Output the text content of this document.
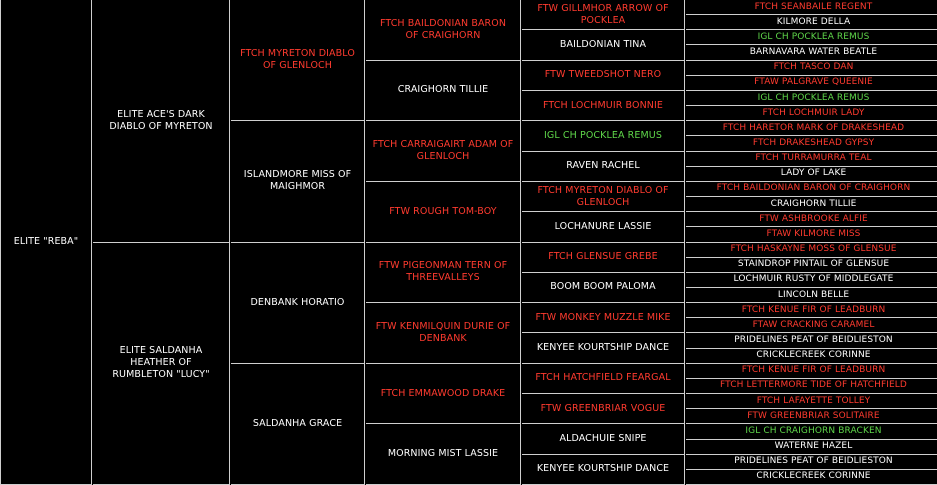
ELITE "REBA"
ELITE ACE'S DARK DIABLO OF MYRETON
ELITE SALDANHA HEATHER OF RUMBLETON "LUCY"
FTCH MYRETON DIABLO OF GLENLOCH
ISLANDMORE MISS OF MAIGHMOR
DENBANK HORATIO
SALDANHA GRACE
FTCH BAILDONIAN BARON OF CRAIGHORN
CRAIGHORN TILLIE
FTCH CARRAIGAIRT ADAM OF GLENLOCH
FTW ROUGH TOM-BOY
FTW PIGEONMAN TERN OF THREEVALLEYS
FTW KENMILQUIN DURIE OF DENBANK
FTCH EMMAWOOD DRAKE
MORNING MIST LASSIE
FTW GILLMHOR ARROW OF POCKLEA
BAILDONIAN TINA
FTW TWEEDSHOT NERO
FTCH LOCHMUIR BONNIE
IGL CH POCKLEA REMUS
RAVEN RACHEL
FTCH MYRETON DIABLO OF GLENLOCH
LOCHANURE LASSIE
FTCH GLENSUE GREBE
BOOM BOOM PALOMA
FTW MONKEY MUZZLE MIKE
KENYEE KOURTSHIP DANCE
FTCH HATCHFIELD FEARGAL
FTW GREENBRIAR VOGUE
ALDACHUIE SNIPE
KENYEE KOURTSHIP DANCE
FTCH SEANBAILE REGENT
KILMORE DELLA
IGL CH POCKLEA REMUS
BARNAVARA WATER BEATLE
FTCH TASCO DAN
FTAW PALGRAVE QUEENIE
IGL CH POCKLEA REMUS
FTCH LOCHMUIR LADY
FTCH HARETOR MARK OF DRAKESHEAD
FTCH DRAKESHEAD GYPSY
FTCH TURRAMURRA TEAL
LADY OF LAKE
FTCH BAILDONIAN BARON OF CRAIGHORN
CRAIGHORN TILLIE
FTW ASHBROOKE ALFIE
FTAW KILMORE MISS
FTCH HASKAYNE MOSS OF GLENSUE
STAINDROP PINTAIL OF GLENSUE
LOCHMUIR RUSTY OF MIDDLEGATE
LINCOLN BELLE
FTCH KENUE FIR OF LEADBURN
FTAW CRACKING CARAMEL
PRIDELINES PEAT OF BEIDLIESTON
CRICKLECREEK CORINNE
FTCH KENUE FIR OF LEADBURN
FTCH LETTERMORE TIDE OF HATCHFIELD
FTCH LAFAYETTE TOLLEY
FTW GREENBRIAR SOLITAIRE
IGL CH CRAIGHORN BRACKEN
WATERNE HAZEL
PRIDELINES PEAT OF BEIDLIESTON
CRICKLECREEK CORINNE
